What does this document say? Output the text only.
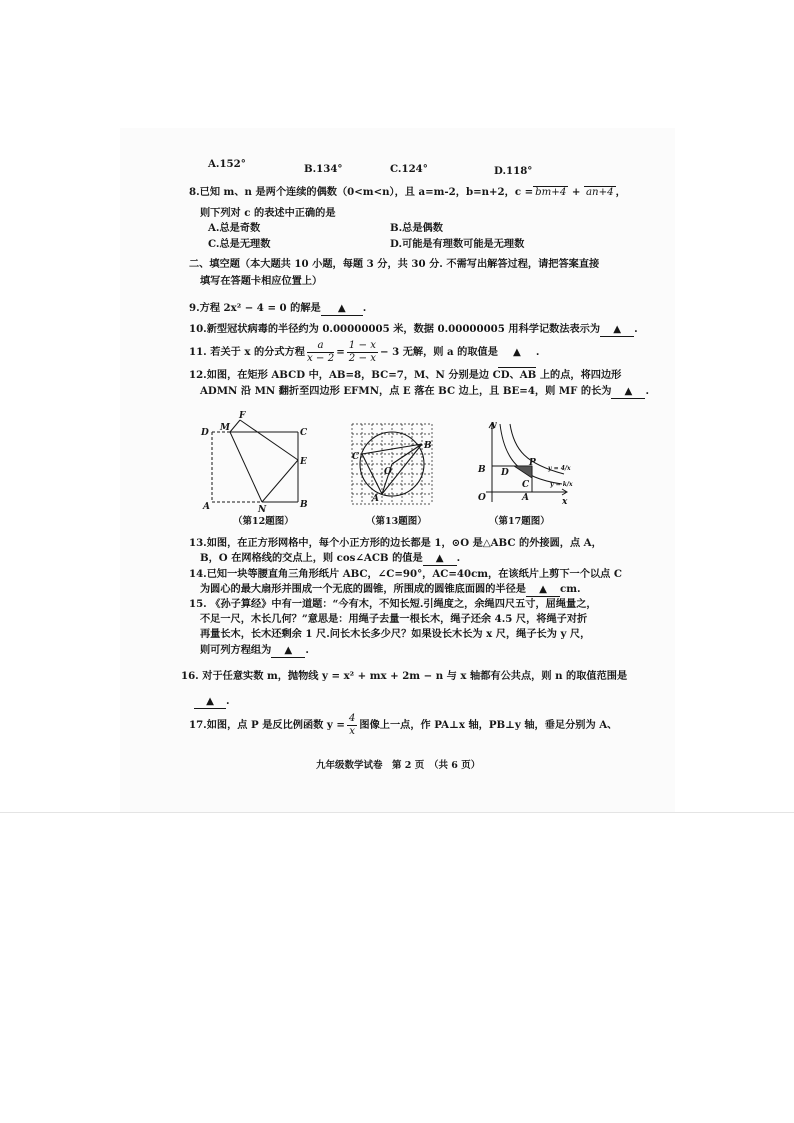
A.152°	B.134°	C.124°	D.118°
8.已知 m、n 是两个连续的偶数（0<m<n），且 a=m-2，b=n+2，c = bm+4 + an+4 ，
则下列对 c 的表述中正确的是
A.总是奇数	B.总是偶数
C.总是无理数	D.可能是有理数可能是无理数
二、填空题（本大题共 10 小题，每题 3 分，共 30 分. 不需写出解答过程，请把答案直接
填写在答题卡相应位置上）
9.方程 2x² − 4 = 0 的解是 ▲ .
10.新型冠状病毒的半径约为 0.00000005 米，数据 0.00000005 用科学记数法表示为 ▲ .
11. 若关于 x 的分式方程 $\frac{a}{x - 2} = \frac{1 - x}{2 - x} - 3$ 无解，则 a 的取值是 ▲ .
12.如图，在矩形 ABCD 中，AB=8，BC=7，M、N 分别是边 CD、AB 上的点，将四边形
ADMN 沿 MN 翻折至四边形 EFMN，点 E 落在 BC 边上，且 BE=4，则 MF 的长为 ▲ .
D M
F
C
E
A	N	B
（第12题图）
C
B
O
A
（第13题图）
y
B D
P
O	A
C
x
y = 4/x
y = k/x
（第17题图）
13.如图，在正方形网格中，每个小正方形的边长都是 1，⊙O 是△ABC 的外接圆，点 A，
B，O 在网格线的交点上，则 cos∠ACB 的值是 ▲ .
14.已知一块等腰直角三角形纸片 ABC，∠C=90°，AC=40cm，在该纸片上剪下一个以点 C
为圆心的最大扇形并围成一个无底的圆锥，所围成的圆锥底面圆的半径是 ▲ cm.
15. 《孙子算经》中有一道题：“今有木，不知长短.引绳度之，余绳四尺五寸，屈绳量之，
不足一尺，木长几何？”意思是：用绳子去量一根长木，绳子还余 4.5 尺，将绳子对折
再量长木，长木还剩余 1 尺.问长木长多少尺？如果设长木长为 x 尺，绳子长为 y 尺，
则可列方程组为 ▲ .
16. 对于任意实数 m，抛物线 y = x² + mx + 2m − n 与 x 轴都有公共点，则 n 的取值范围是
▲ .
17.如图，点 P 是反比例函数 $y = \frac{4}{x}$ 图像上一点，作 PA⊥x 轴，PB⊥y 轴，垂足分别为 A、
九年级数学试卷　第 2 页　（共 6 页）
